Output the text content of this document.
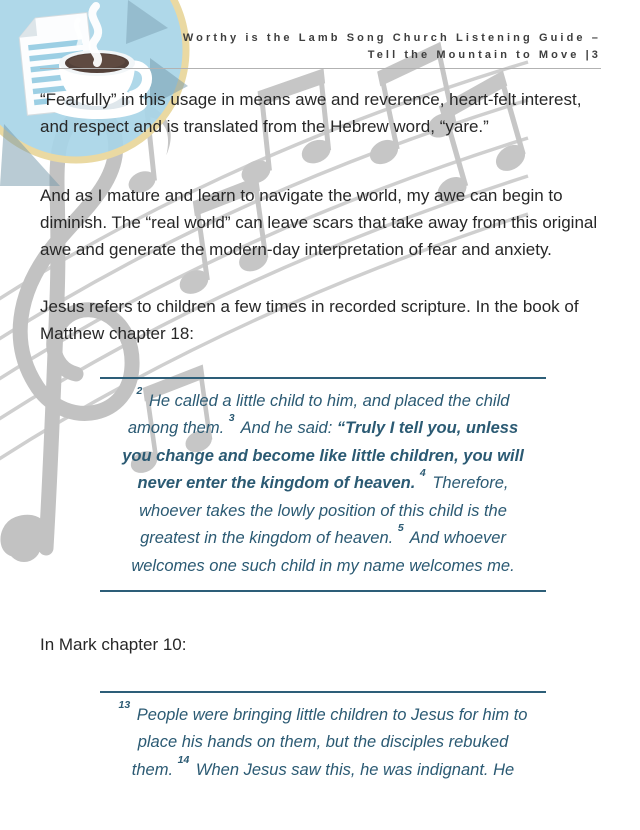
Worthy is the Lamb Song Church Listening Guide –
Tell the Mountain to Move |3

“Fearfully” in this usage in means awe and reverence, heart-felt interest, and respect and is translated from the Hebrew word, “yare.”

And as I mature and learn to navigate the world, my awe can begin to diminish. The “real world” can leave scars that take away from this original awe and generate the modern-day interpretation of fear and anxiety.

Jesus refers to children a few times in recorded scripture. In the book of Matthew chapter 18:

$^2$ He called a little child to him, and placed the child
among them. $^3$ And he said: “Truly I tell you, unless
you change and become like little children, you will
never enter the kingdom of heaven. $^4$ Therefore,
whoever takes the lowly position of this child is the
greatest in the kingdom of heaven. $^5$ And whoever
welcomes one such child in my name welcomes me.

In Mark chapter 10:

$^{13}$ People were bringing little children to Jesus for him to
place his hands on them, but the disciples rebuked
them. $^{14}$ When Jesus saw this, he was indignant. He
